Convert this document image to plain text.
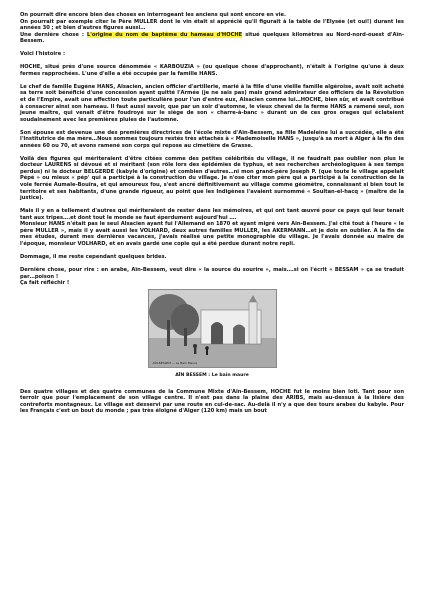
On pourrait dire encore bien des choses en interrogeant les anciens qui sont encore en vie.

On pourrait par exemple citer le Père MULLER dont le vin était si apprécié qu'il figurait à la table de l'Elysée (et oui!) durant les années 30 ; et bien d'autres figures aussi…

Une dernière chose : L'origine du nom de baptême du hameau d'HOCHE situé quelques kilomètres au Nord-nord-ouest d'Aïn-Bessem.

Voici l'histoire :

HOCHE, situé près d'une source dénommée « KARBOUZIA » (ou quelque chose d'approchant), n'était à l'origine qu'une à deux fermes rapprochées. L'une d'elle a été occupée par la famille HANS.

Le chef de famille Eugène HANS, Alsacien, ancien officier d'artillerie, marié à la fille d'une vieille famille algéroise, avait soit acheté sa terre soit bénéficié d'une concession ayant quitté l'Armée (je ne sais pas) mais grand admirateur des officiers de la Révolution et de l'Empire, avait une affection toute particulière pour l'un d'entre eux, Alsacien comme lui…HOCHE, bien sûr, et avait contribué à consacrer ainsi son hameau. Il faut aussi savoir, que par un soir d'automne, le vieux cheval de la ferme HANS a ramené seul, son jeune maître, qui venait d'être foudroyé sur le siège de son « charre-à-banc » durant un de ces gros orages qui éclataient soudainement avec les premières pluies de l'automne.

Son épouse est devenue une des premières directrices de l'école mixte d'Aïn-Bessem, sa fille Madeleine lui a succédée, elle a été l'Institutrice de ma mère…Nous sommes toujours restés très attachés à « Mademoiselle HANS », jusqu'à sa mort à Alger à la fin des années 60 ou 70, et avons ramené son corps qui repose au cimetière de Grasse.

Voilà des figures qui mériteraient d'être citées comme des petites célébrités du village, il ne faudrait pas oublier non plus le docteur LAURENS si dévoué et si méritant (son rôle lors des épidémies de typhus, et ses recherches archéologiques à ses temps perdus) ni le docteur BELGERDE (kabyle d'origine) et combien d'autres…ni mon grand-père Joseph P. (que toute le village appelait Pépé » ou mieux « pép' qui a participé à la construction du village. Je n'ose citer mon père qui a participé à la construction de la voie ferrée Aumale-Bouïra, et qui amoureux fou, s'est ancré définitivement au village comme géomètre, connaissant si bien tout le territoire et ses habitants, d'une grande rigueur, au point que les Indigènes l'avaient surnommé « Soultan-el-hacq » (maître de la justice).

Mais il y en a tellement d'autres qui mériteraient de rester dans les mémoires, et qui ont tant œuvré pour ce pays qui leur tenait tant aux tripes….et dont tout le monde se faut éperdument aujourd'hui ….

Monsieur HANS n'était pas le seul Alsacien ayant fui l'Allemand en 1870 et ayant migré vers Aïn-Bessem. J'ai cité tout à l'heure « le père MULLER », mais il y avait aussi les VOLHARD, deux autres familles MULLER, les AKERMANN…et je dois en oublier. A la fin de mes études, durant mes dernières vacances, j'avais réalisé une petite monographie du village. Je l'avais donnée au maire de l'époque, monsieur VOLHARD, et en avais gardé une copie qui a été perdue durant notre repli.

Dommage, il me reste cependant quelques brides.

Dernière chose, pour rire : en arabe, Aïn-Bessem, veut dire « la source du sourire », mais….si on l'écrit « BESSAM » ça se traduit par…poison !

Ça fait réfléchir !

AÏN-BESSEM — Le Bain Maure
AÏN BESSEM : Le bain maure

Des quatre villages et des quatre communes de la Commune Mixte d'Aïn-Bessem, HOCHE fut le moins bien loti. Tant pour son terroir que pour l'emplacement de son village centre. Il n'est pas dans la plaine des ARIBS, mais au-dessus à la lisière des contreforts montagneux. Le village est desservi par une route en cul-de-sac. Au-delà il n'y a que des tours arabes du kabyle. Pour les Français c'est un bout du monde ; pas très éloigné d'Alger (120 km) mais un bout
